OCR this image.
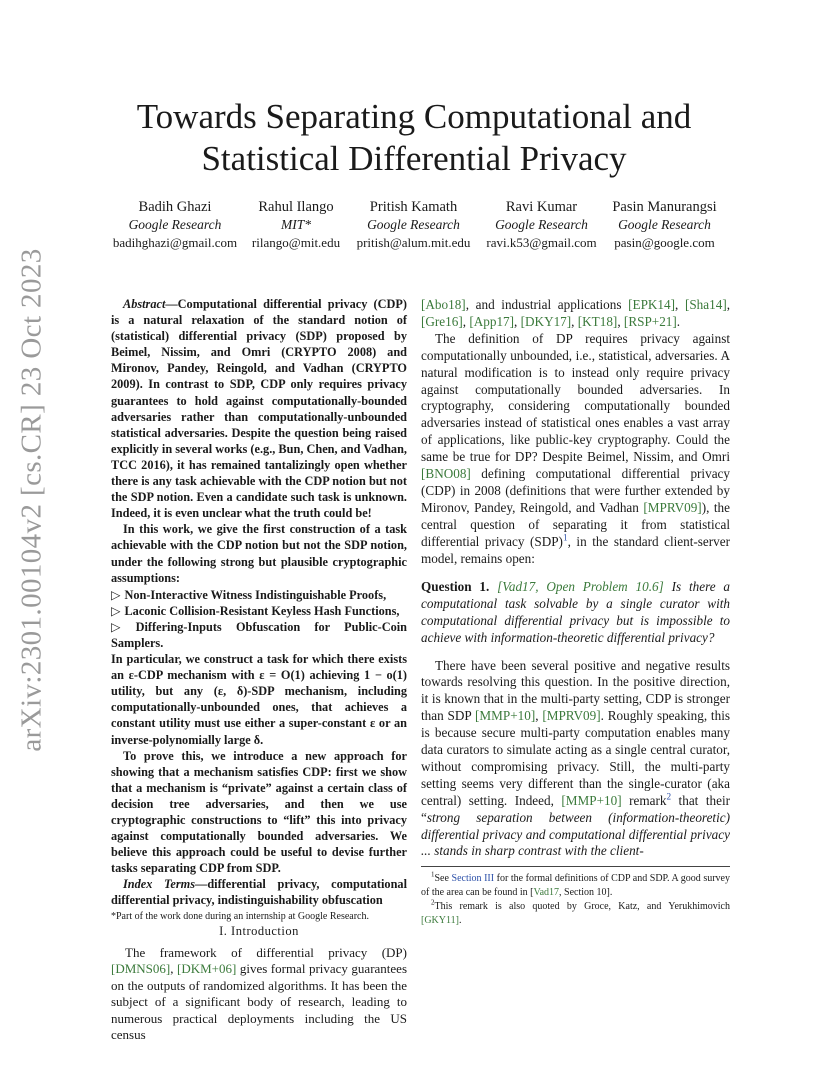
arXiv:2301.00104v2 [cs.CR] 23 Oct 2023
Towards Separating Computational and
Statistical Differential Privacy
Badih Ghazi
Google Research
badihghazi@gmail.com
Rahul Ilango
MIT*
rilango@mit.edu
Pritish Kamath
Google Research
pritish@alum.mit.edu
Ravi Kumar
Google Research
ravi.k53@gmail.com
Pasin Manurangsi
Google Research
pasin@google.com

Abstract—Computational differential privacy (CDP) is a natural relaxation of the standard notion of (statistical) differential privacy (SDP) proposed by Beimel, Nissim, and Omri (CRYPTO 2008) and Mironov, Pandey, Reingold, and Vadhan (CRYPTO 2009). In contrast to SDP, CDP only requires privacy guarantees to hold against computationally-bounded adversaries rather than computationally-unbounded statistical adversaries. Despite the question being raised explicitly in several works (e.g., Bun, Chen, and Vadhan, TCC 2016), it has remained tantalizingly open whether there is any task achievable with the CDP notion but not the SDP notion. Even a candidate such task is unknown. Indeed, it is even unclear what the truth could be!

In this work, we give the first construction of a task achievable with the CDP notion but not the SDP notion, under the following strong but plausible cryptographic assumptions:

▷ Non-Interactive Witness Indistinguishable Proofs,
▷ Laconic Collision-Resistant Keyless Hash Functions,
▷ Differing-Inputs Obfuscation for Public-Coin Samplers.

In particular, we construct a task for which there exists an ε-CDP mechanism with ε = O(1) achieving 1 − o(1) utility, but any (ε, δ)-SDP mechanism, including computationally-unbounded ones, that achieves a constant utility must use either a super-constant ε or an inverse-polynomially large δ.

To prove this, we introduce a new approach for showing that a mechanism satisfies CDP: first we show that a mechanism is “private” against a certain class of decision tree adversaries, and then we use cryptographic constructions to “lift” this into privacy against computationally bounded adversaries. We believe this approach could be useful to devise further tasks separating CDP from SDP.

Index Terms—differential privacy, computational differential privacy, indistinguishability obfuscation

I. Introduction

The framework of differential privacy (DP) [DMNS06], [DKM+06] gives formal privacy guarantees on the outputs of randomized algorithms. It has been the subject of a significant body of research, leading to numerous practical deployments including the US census

*Part of the work done during an internship at Google Research.

[Abo18], and industrial applications [EPK14], [Sha14], [Gre16], [App17], [DKY17], [KT18], [RSP+21].

The definition of DP requires privacy against computationally unbounded, i.e., statistical, adversaries. A natural modification is to instead only require privacy against computationally bounded adversaries. In cryptography, considering computationally bounded adversaries instead of statistical ones enables a vast array of applications, like public-key cryptography. Could the same be true for DP? Despite Beimel, Nissim, and Omri [BNO08] defining computational differential privacy (CDP) in 2008 (definitions that were further extended by Mironov, Pandey, Reingold, and Vadhan [MPRV09]), the central question of separating it from statistical differential privacy (SDP)$^1$, in the standard client-server model, remains open:

Question 1. [Vad17, Open Problem 10.6] Is there a computational task solvable by a single curator with computational differential privacy but is impossible to achieve with information-theoretic differential privacy?

There have been several positive and negative results towards resolving this question. In the positive direction, it is known that in the multi-party setting, CDP is stronger than SDP [MMP+10], [MPRV09]. Roughly speaking, this is because secure multi-party computation enables many data curators to simulate acting as a single central curator, without compromising privacy. Still, the multi-party setting seems very different than the single-curator (aka central) setting. Indeed, [MMP+10] remark$^2$ that their “strong separation between (information-theoretic) differential privacy and computational differential privacy ... stands in sharp contrast with the client-

$^1$See Section III for the formal definitions of CDP and SDP. A good survey of the area can be found in [Vad17, Section 10].

$^2$This remark is also quoted by Groce, Katz, and Yerukhimovich [GKY11].
